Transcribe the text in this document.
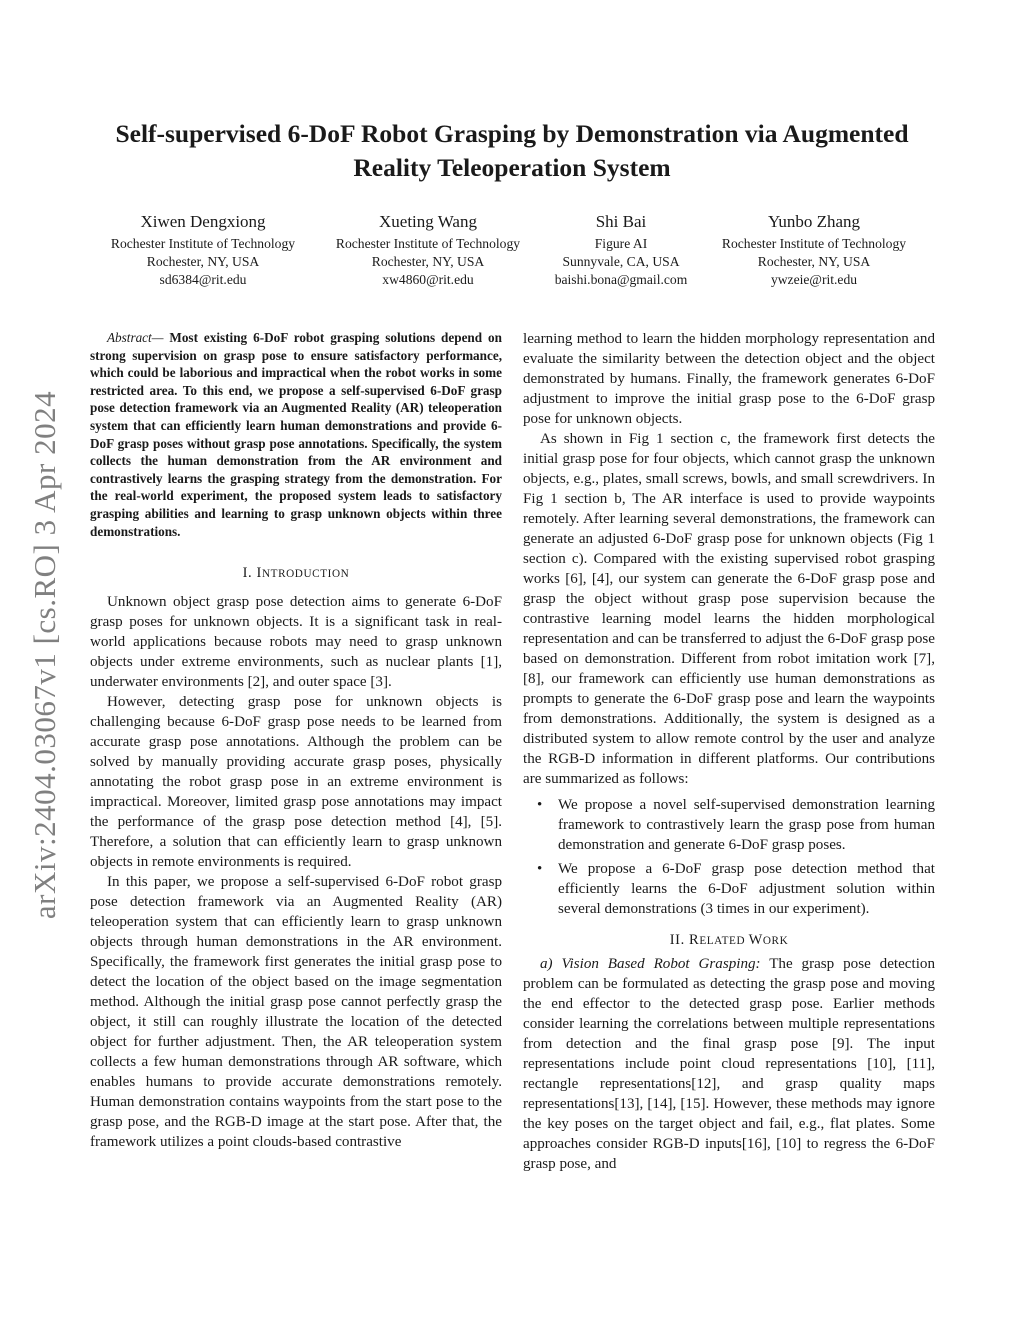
arXiv:2404.03067v1 [cs.RO] 3 Apr 2024
Self-supervised 6-DoF Robot Grasping by Demonstration via Augmented Reality Teleoperation System
Xiwen Dengxiong
Rochester Institute of Technology
Rochester, NY, USA
sd6384@rit.edu
Xueting Wang
Rochester Institute of Technology
Rochester, NY, USA
xw4860@rit.edu
Shi Bai
Figure AI
Sunnyvale, CA, USA
baishi.bona@gmail.com
Yunbo Zhang
Rochester Institute of Technology
Rochester, NY, USA
ywzeie@rit.edu

Abstract— Most existing 6-DoF robot grasping solutions depend on strong supervision on grasp pose to ensure satisfactory performance, which could be laborious and impractical when the robot works in some restricted area. To this end, we propose a self-supervised 6-DoF grasp pose detection framework via an Augmented Reality (AR) teleoperation system that can efficiently learn human demonstrations and provide 6-DoF grasp poses without grasp pose annotations. Specifically, the system collects the human demonstration from the AR environment and contrastively learns the grasping strategy from the demonstration. For the real-world experiment, the proposed system leads to satisfactory grasping abilities and learning to grasp unknown objects within three demonstrations.

I. INTRODUCTION

Unknown object grasp pose detection aims to generate 6-DoF grasp poses for unknown objects. It is a significant task in real-world applications because robots may need to grasp unknown objects under extreme environments, such as nuclear plants [1], underwater environments [2], and outer space [3].

However, detecting grasp pose for unknown objects is challenging because 6-DoF grasp pose needs to be learned from accurate grasp pose annotations. Although the problem can be solved by manually providing accurate grasp poses, physically annotating the robot grasp pose in an extreme environment is impractical. Moreover, limited grasp pose annotations may impact the performance of the grasp pose detection method [4], [5]. Therefore, a solution that can efficiently learn to grasp unknown objects in remote environments is required.

In this paper, we propose a self-supervised 6-DoF robot grasp pose detection framework via an Augmented Reality (AR) teleoperation system that can efficiently learn to grasp unknown objects through human demonstrations in the AR environment. Specifically, the framework first generates the initial grasp pose to detect the location of the object based on the image segmentation method. Although the initial grasp pose cannot perfectly grasp the object, it still can roughly illustrate the location of the detected object for further adjustment. Then, the AR teleoperation system collects a few human demonstrations through AR software, which enables humans to provide accurate demonstrations remotely. Human demonstration contains waypoints from the start pose to the grasp pose, and the RGB-D image at the start pose. After that, the framework utilizes a point clouds-based contrastive

learning method to learn the hidden morphology representation and evaluate the similarity between the detection object and the object demonstrated by humans. Finally, the framework generates 6-DoF adjustment to improve the initial grasp pose to the 6-DoF grasp pose for unknown objects.

As shown in Fig 1 section c, the framework first detects the initial grasp pose for four objects, which cannot grasp the unknown objects, e.g., plates, small screws, bowls, and small screwdrivers. In Fig 1 section b, The AR interface is used to provide waypoints remotely. After learning several demonstrations, the framework can generate an adjusted 6-DoF grasp pose for unknown objects (Fig 1 section c). Compared with the existing supervised robot grasping works [6], [4], our system can generate the 6-DoF grasp pose and grasp the object without grasp pose supervision because the contrastive learning model learns the hidden morphological representation and can be transferred to adjust the 6-DoF grasp pose based on demonstration. Different from robot imitation work [7], [8], our framework can efficiently use human demonstrations as prompts to generate the 6-DoF grasp pose and learn the waypoints from demonstrations. Additionally, the system is designed as a distributed system to allow remote control by the user and analyze the RGB-D information in different platforms. Our contributions are summarized as follows:

• We propose a novel self-supervised demonstration learning framework to contrastively learn the grasp pose from human demonstration and generate 6-DoF grasp poses.
• We propose a 6-DoF grasp pose detection method that efficiently learns the 6-DoF adjustment solution within several demonstrations (3 times in our experiment).
II. RELATED WORK

a) Vision Based Robot Grasping: The grasp pose detection problem can be formulated as detecting the grasp pose and moving the end effector to the detected grasp pose. Earlier methods consider learning the correlations between multiple representations from detection and the final grasp pose [9]. The input representations include point cloud representations [10], [11], rectangle representations[12], and grasp quality maps representations[13], [14], [15]. However, these methods may ignore the key poses on the target object and fail, e.g., flat plates. Some approaches consider RGB-D inputs[16], [10] to regress the 6-DoF grasp pose, and
